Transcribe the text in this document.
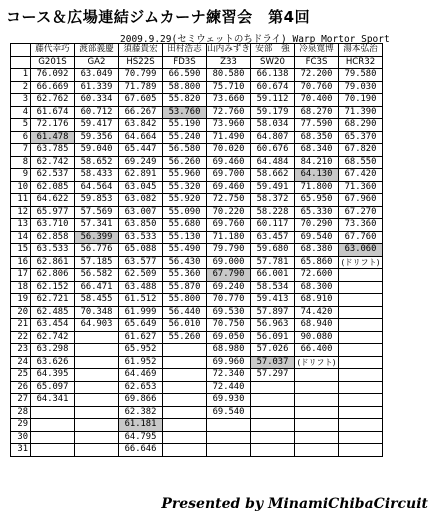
コース＆広場連結ジムカーナ練習会　第4回
2009.9.29(セミウェットのちドライ) Warp Mortor Sport
	藤代幸巧	渡部義慶	須藤貴宏	田村浩志	山内みずき	安部　強	冷泉寛博	湯本弘治
	G201S	GA2	HS22S	FD3S	Z33	SW20	FC3S	HCR32
1	76.092	63.049	70.799	66.590	80.580	66.138	72.200	79.580
2	66.669	61.339	71.789	58.800	75.710	60.674	70.760	79.030
3	62.762	60.334	67.605	55.820	73.660	59.112	70.400	70.190
4	61.674	60.712	66.267	53.760	72.760	59.179	68.270	71.390
5	72.176	59.417	63.842	55.190	73.960	58.034	77.590	68.290
6	61.478	59.356	64.664	55.240	71.490	64.807	68.350	65.370
7	63.785	59.040	65.447	56.580	70.020	60.676	68.340	67.820
8	62.742	58.652	69.249	56.260	69.460	64.484	84.210	68.550
9	62.537	58.433	62.891	55.960	69.700	58.662	64.130	67.420
10	62.085	64.564	63.045	55.320	69.460	59.491	71.800	71.360
11	64.622	59.853	63.082	55.920	72.750	58.372	65.950	67.960
12	65.977	57.569	63.007	55.090	70.220	58.228	65.330	67.270
13	63.710	57.341	63.850	55.680	69.760	60.117	70.290	73.360
14	62.858	56.399	63.533	55.130	71.180	63.457	69.540	67.760
15	63.533	56.776	65.088	55.490	79.790	59.680	68.380	63.060
16	62.861	57.185	63.577	56.430	69.000	57.781	65.860	(ドリフト)
17	62.806	56.582	62.509	55.360	67.790	66.001	72.600	
18	62.152	66.471	63.488	55.870	69.240	58.534	68.300	
19	62.721	58.455	61.512	55.800	70.770	59.413	68.910	
20	62.485	70.348	61.999	56.440	69.530	57.897	74.420	
21	63.454	64.903	65.649	56.010	70.750	56.963	68.940	
22	62.742		61.627	55.260	69.050	56.091	90.080	
23	63.298		65.952		68.980	57.026	66.400	
24	63.626		61.952		69.960	57.037	(ドリフト)	
25	64.395		64.469		72.340	57.297		
26	65.097		62.653		72.440			
27	64.341		69.866		69.930			
28			62.382		69.540			
29			61.181					
30			64.795					
31			66.646					
Presented by MinamiChibaCircuit
